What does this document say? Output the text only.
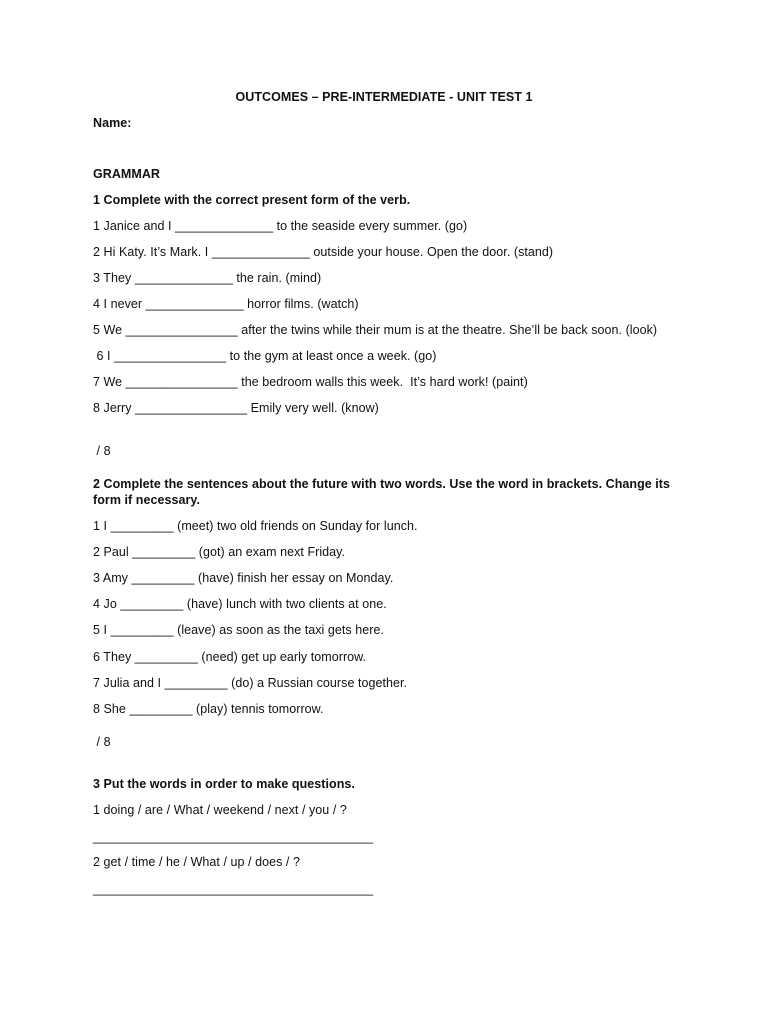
OUTCOMES – PRE-INTERMEDIATE - UNIT TEST 1
Name:
GRAMMAR
1 Complete with the correct present form of the verb.
1 Janice and I ______________ to the seaside every summer. (go)
2 Hi Katy. It’s Mark. I ______________ outside your house. Open the door. (stand)
3 They ______________ the rain. (mind)
4 I never ______________ horror films. (watch)
5 We ________________ after the twins while their mum is at the theatre. She’ll be back soon. (look)
6 I ________________ to the gym at least once a week. (go)
7 We ________________ the bedroom walls this week.  It’s hard work! (paint)
8 Jerry ________________ Emily very well. (know)
/ 8
2 Complete the sentences about the future with two words. Use the word in brackets. Change its form if necessary.
1 I _________ (meet) two old friends on Sunday for lunch.
2 Paul _________ (got) an exam next Friday.
3 Amy _________ (have) finish her essay on Monday.
4 Jo _________ (have) lunch with two clients at one.
5 I _________ (leave) as soon as the taxi gets here.
6 They _________ (need) get up early tomorrow.
7 Julia and I _________ (do) a Russian course together.
8 She _________ (play) tennis tomorrow.
/ 8
3 Put the words in order to make questions.
1 doing / are / What / weekend / next / you / ?
________________________________________
2 get / time / he / What / up / does / ?
________________________________________
